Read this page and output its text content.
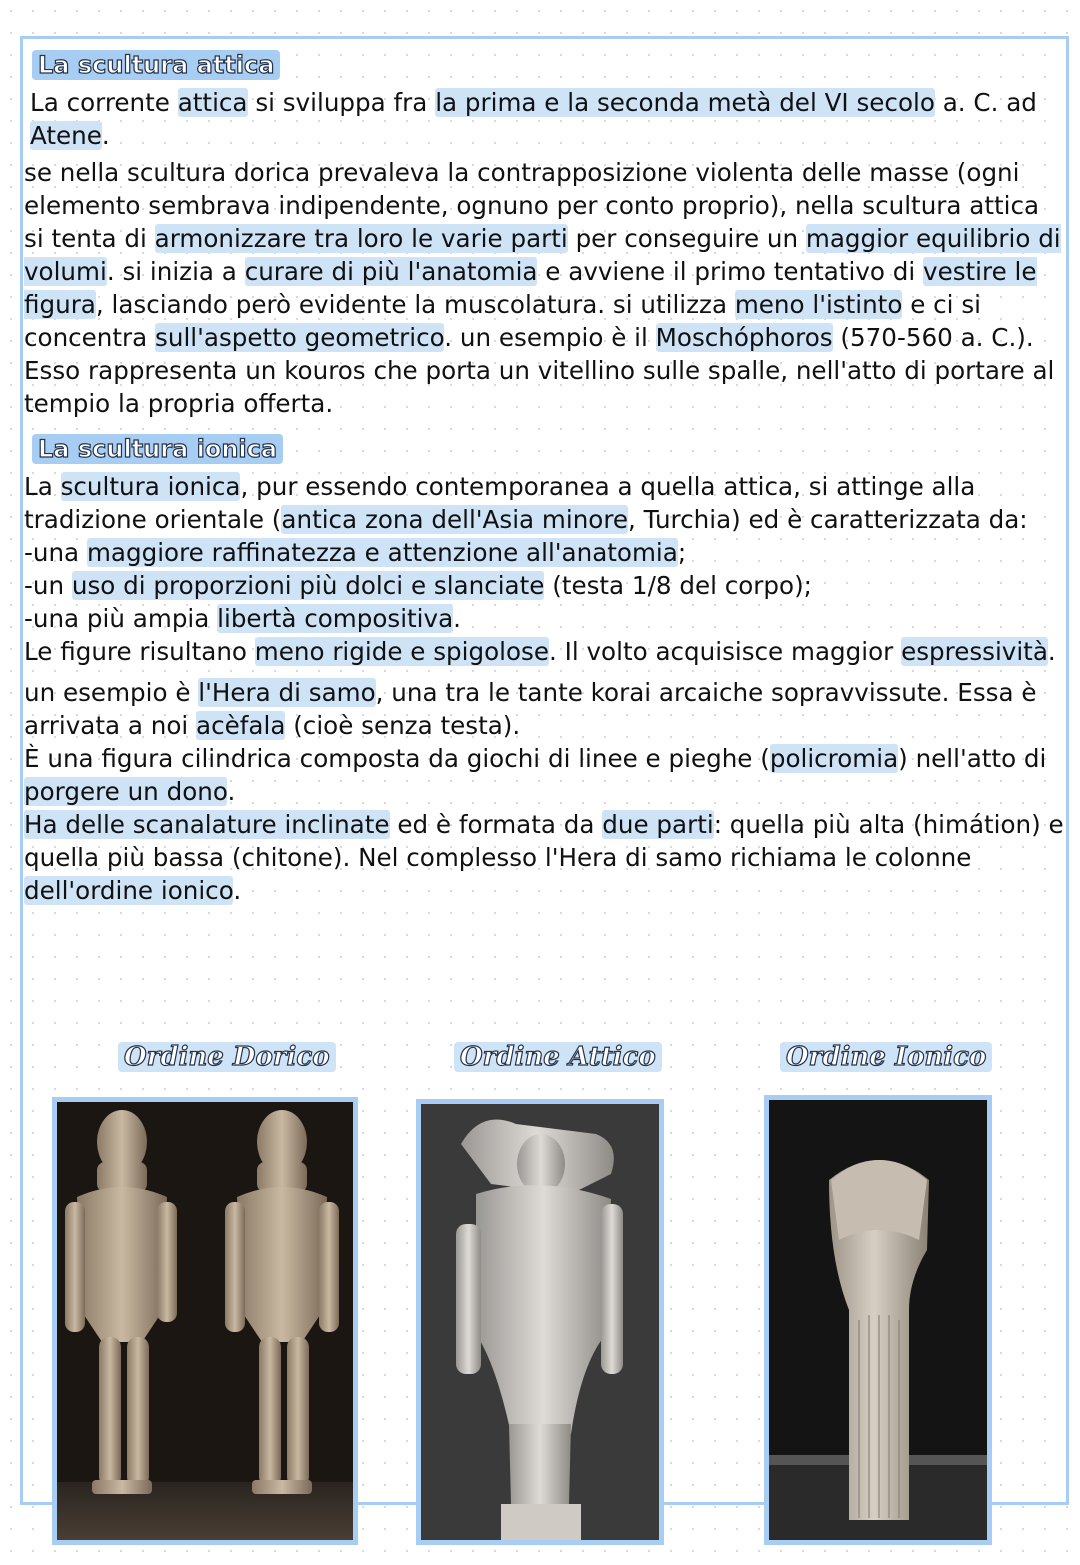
La scultura attica

La corrente attica si sviluppa fra la prima e la seconda metà del VI secolo a. C. ad Atene.

se nella scultura dorica prevaleva la contrapposizione violenta delle masse (ogni elemento sembrava indipendente, ognuno per conto proprio), nella scultura attica si tenta di armonizzare tra loro le varie parti per conseguire un maggior equilibrio di volumi. si inizia a curare di più l'anatomia e avviene il primo tentativo di vestire le figura, lasciando però evidente la muscolatura. si utilizza meno l'istinto e ci si concentra sull'aspetto geometrico. un esempio è il Moschóphoros (570-560 a. C.). Esso rappresenta un kouros che porta un vitellino sulle spalle, nell'atto di portare al tempio la propria offerta.

La scultura ionica

La scultura ionica, pur essendo contemporanea a quella attica, si attinge alla tradizione orientale (antica zona dell'Asia minore, Turchia) ed è caratterizzata da:

-una maggiore raffinatezza e attenzione all'anatomia;

-un uso di proporzioni più dolci e slanciate (testa 1/8 del corpo);

-una più ampia libertà compositiva.

Le figure risultano meno rigide e spigolose. Il volto acquisisce maggior espressività.

un esempio è l'Hera di samo, una tra le tante korai arcaiche sopravvissute. Essa è arrivata a noi acèfala (cioè senza testa).

È una figura cilindrica composta da giochi di linee e pieghe (policromia) nell'atto di porgere un dono.

Ha delle scanalature inclinate ed è formata da due parti: quella più alta (himátion) e quella più bassa (chitone). Nel complesso l'Hera di samo richiama le colonne dell'ordine ionico.

Ordine Dorico	Ordine Attico	Ordine Ionico
